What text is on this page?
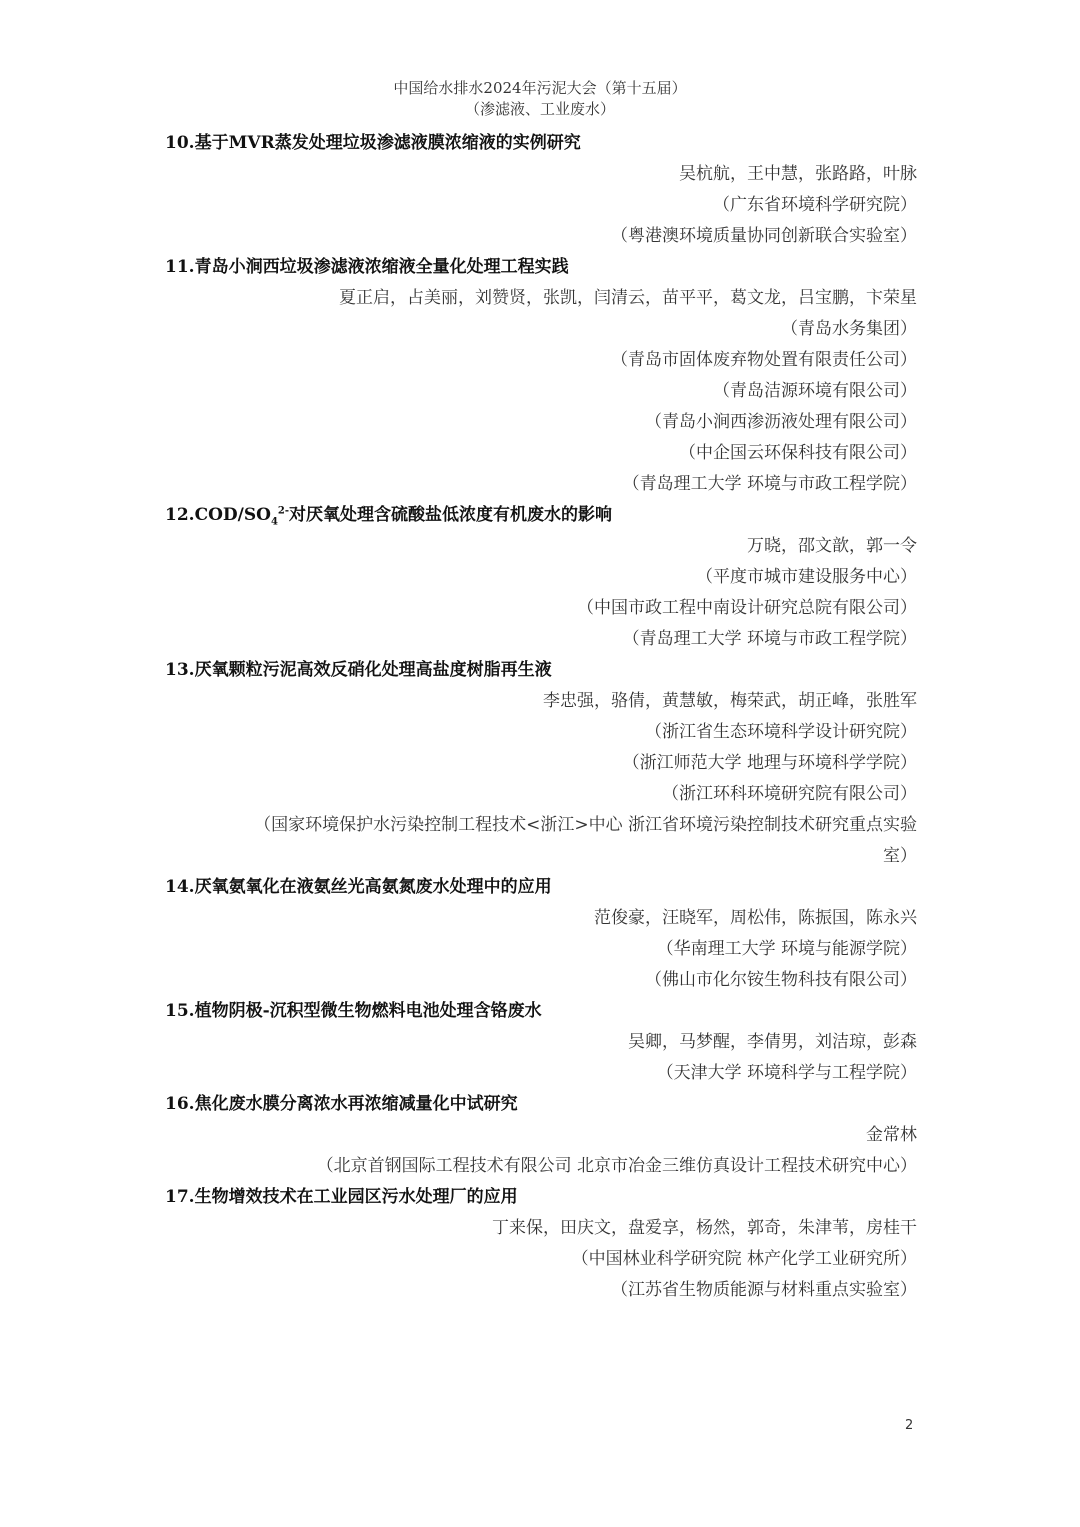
中国给水排水2024年污泥大会（第十五届）
（渗滤液、工业废水）
10.基于MVR蒸发处理垃圾渗滤液膜浓缩液的实例研究
吴杭航，王中慧，张路路，叶脉
（广东省环境科学研究院）
（粤港澳环境质量协同创新联合实验室）
11.青岛小涧西垃圾渗滤液浓缩液全量化处理工程实践
夏正启，占美丽，刘赞贤，张凯，闫清云，苗平平，葛文龙，吕宝鹏，卞荣星
（青岛水务集团）
（青岛市固体废弃物处置有限责任公司）
（青岛洁源环境有限公司）
（青岛小涧西渗沥液处理有限公司）
（中企国云环保科技有限公司）
（青岛理工大学 环境与市政工程学院）
$12.COD/SO_4^{2-}$对厌氧处理含硫酸盐低浓度有机废水的影响
万晓，邵文歆，郭一令
（平度市城市建设服务中心）
（中国市政工程中南设计研究总院有限公司）
（青岛理工大学 环境与市政工程学院）
13.厌氧颗粒污泥高效反硝化处理高盐度树脂再生液
李忠强，骆倩，黄慧敏，梅荣武，胡正峰，张胜军
（浙江省生态环境科学设计研究院）
（浙江师范大学 地理与环境科学学院）
（浙江环科环境研究院有限公司）
（国家环境保护水污染控制工程技术<浙江>中心 浙江省环境污染控制技术研究重点实验
室）
14.厌氧氨氧化在液氨丝光高氨氮废水处理中的应用
范俊豪，汪晓军，周松伟，陈振国，陈永兴
（华南理工大学 环境与能源学院）
（佛山市化尔铵生物科技有限公司）
15.植物阴极-沉积型微生物燃料电池处理含铬废水
吴卿，马梦醒，李倩男，刘洁琼，彭森
（天津大学 环境科学与工程学院）
16.焦化废水膜分离浓水再浓缩减量化中试研究
金常林
（北京首钢国际工程技术有限公司 北京市冶金三维仿真设计工程技术研究中心）
17.生物增效技术在工业园区污水处理厂的应用
丁来保，田庆文，盘爱享，杨然，郭奇，朱津苇，房桂干
（中国林业科学研究院 林产化学工业研究所）
（江苏省生物质能源与材料重点实验室）
2
